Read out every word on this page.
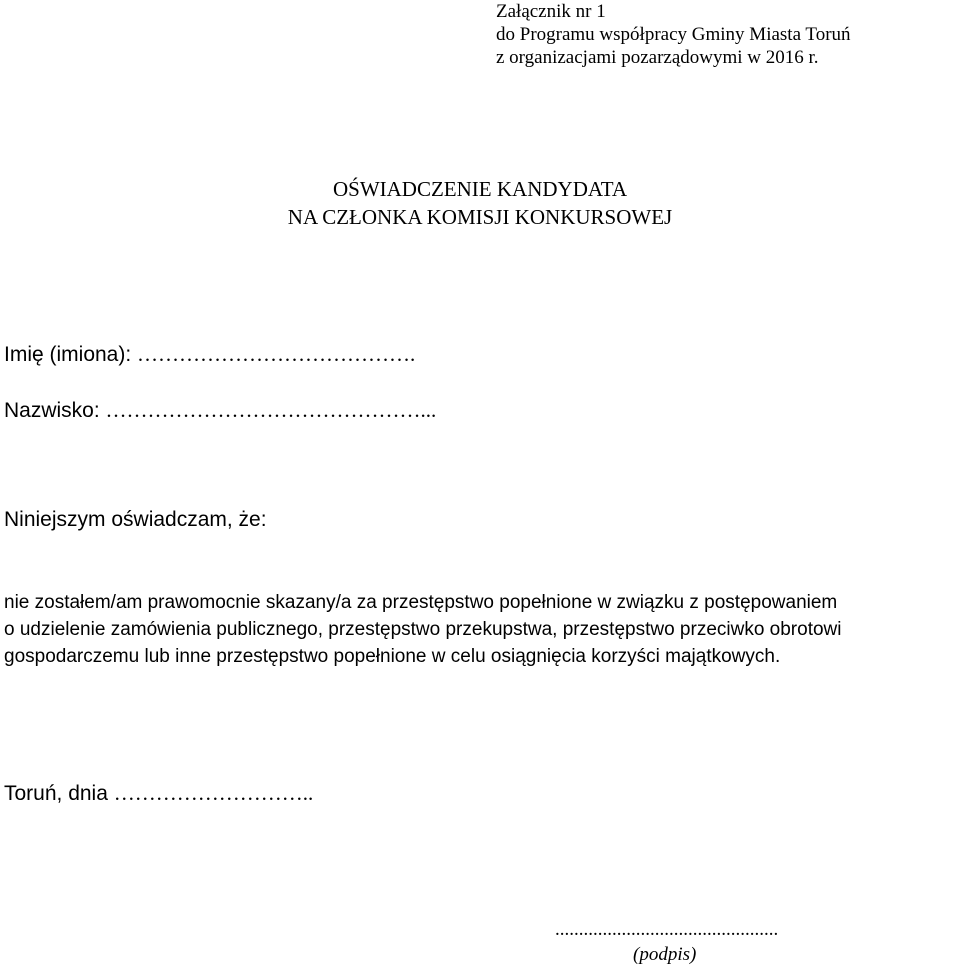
Załącznik nr 1
do Programu współpracy Gminy Miasta Toruń
z organizacjami pozarządowymi w 2016 r.
OŚWIADCZENIE KANDYDATA
NA CZŁONKA KOMISJI KONKURSOWEJ
Imię (imiona): ………………………………….
Nazwisko: ………………………………………...
Niniejszym oświadczam, że:
nie zostałem/am prawomocnie skazany/a za przestępstwo popełnione w związku z postępowaniem
o udzielenie zamówienia publicznego, przestępstwo przekupstwa, przestępstwo przeciwko obrotowi
gospodarczemu lub inne przestępstwo popełnione w celu osiągnięcia korzyści majątkowych.
Toruń, dnia ………………………..
...............................................
(podpis)
